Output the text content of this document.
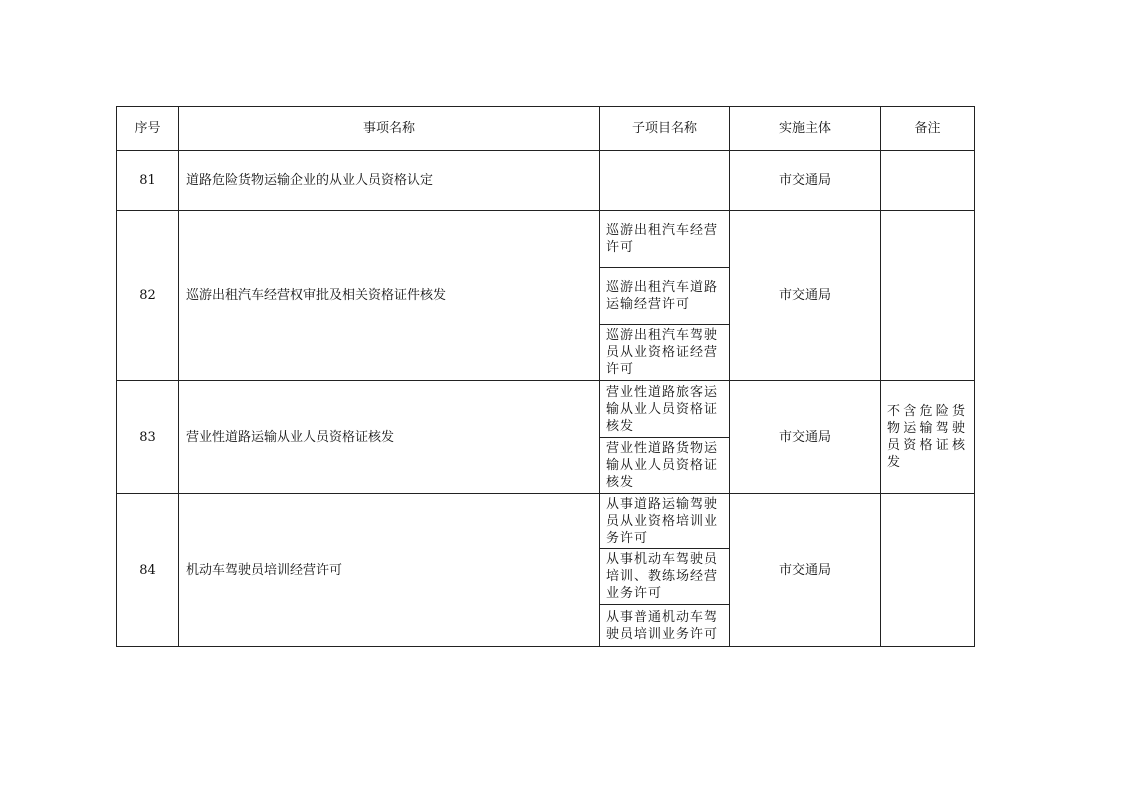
序号	事项名称	子项目名称	实施主体	备注
81	道路危险货物运输企业的从业人员资格认定		市交通局	
82	巡游出租汽车经营权审批及相关资格证件核发	巡游出租汽车经营许可	市交通局	
		巡游出租汽车道路运输经营许可		
		巡游出租汽车驾驶员从业资格证经营许可		
83	营业性道路运输从业人员资格证核发	营业性道路旅客运输从业人员资格证核发	市交通局	不含危险货物运输驾驶员资格证核发
		营业性道路货物运输从业人员资格证核发		
84	机动车驾驶员培训经营许可	从事道路运输驾驶员从业资格培训业务许可	市交通局	
		从事机动车驾驶员培训、教练场经营业务许可		
		从事普通机动车驾驶员培训业务许可		
